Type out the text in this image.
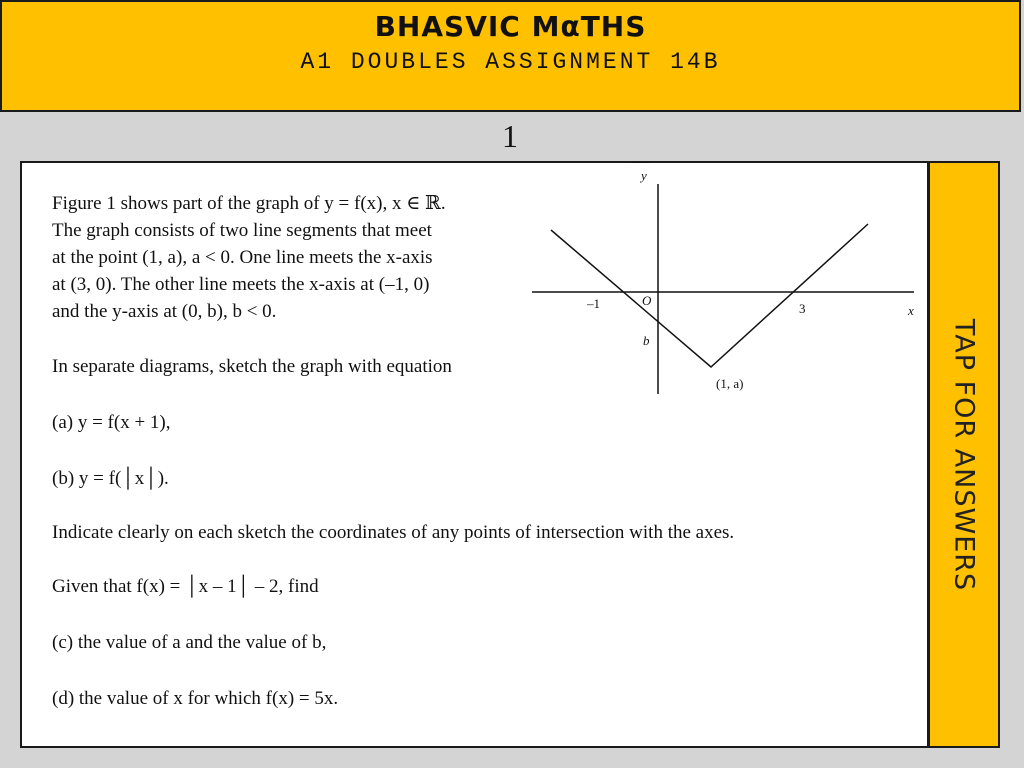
BHASVIC MαTHS
A1 DOUBLES ASSIGNMENT 14B
1
Figure 1 shows part of the graph of y = f(x), x ∈ ℝ.
The graph consists of two line segments that meet
at the point (1, a), a < 0. One line meets the x-axis
at (3, 0). The other line meets the x-axis at (–1, 0)
and the y-axis at (0, b), b < 0.
In separate diagrams, sketch the graph with equation
(a) y = f(x + 1),
(b) y = f(│x│).
Indicate clearly on each sketch the coordinates of any points of intersection with the axes.
Given that f(x) = │x – 1│ – 2, find
(c) the value of a and the value of b,
(d) the value of x for which f(x) = 5x.
y
x
O
–1	3
b
(1, a)	TAP FOR ANSWERS
